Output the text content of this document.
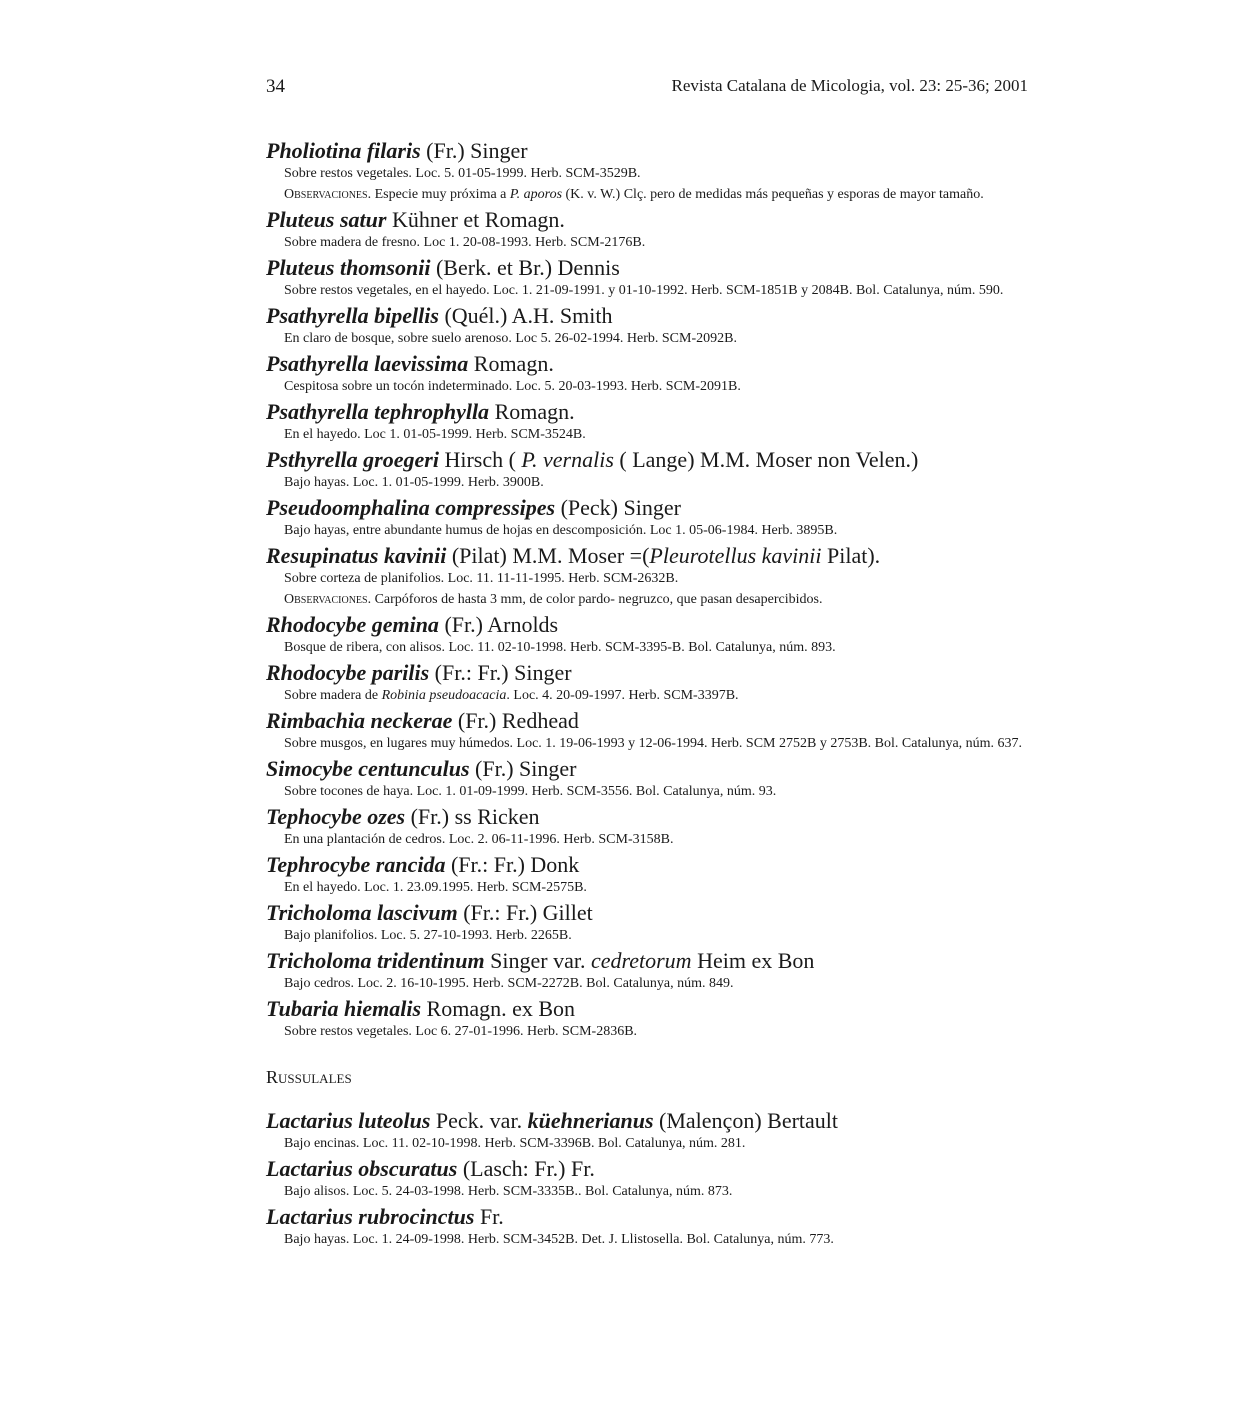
34	Revista Catalana de Micologia, vol. 23: 25-36; 2001
Pholiotina filaris (Fr.) Singer
Sobre restos vegetales. Loc. 5. 01-05-1999. Herb. SCM-3529B.
Observaciones. Especie muy próxima a P. aporos (K. v. W.) Clç. pero de medidas más pequeñas y esporas de mayor tamaño.
Pluteus satur Kühner et Romagn.
Sobre madera de fresno. Loc 1. 20-08-1993. Herb. SCM-2176B.
Pluteus thomsonii (Berk. et Br.) Dennis
Sobre restos vegetales, en el hayedo. Loc. 1. 21-09-1991. y 01-10-1992. Herb. SCM-1851B y 2084B. Bol. Catalunya, núm. 590.
Psathyrella bipellis (Quél.) A.H. Smith
En claro de bosque, sobre suelo arenoso. Loc 5. 26-02-1994. Herb. SCM-2092B.
Psathyrella laevissima Romagn.
Cespitosa sobre un tocón indeterminado. Loc. 5. 20-03-1993. Herb. SCM-2091B.
Psathyrella tephrophylla Romagn.
En el hayedo. Loc 1. 01-05-1999. Herb. SCM-3524B.
Psthyrella groegeri Hirsch ( P. vernalis ( Lange) M.M. Moser non Velen.)
Bajo hayas. Loc. 1. 01-05-1999. Herb. 3900B.
Pseudoomphalina compressipes (Peck) Singer
Bajo hayas, entre abundante humus de hojas en descomposición. Loc 1. 05-06-1984. Herb. 3895B.
Resupinatus kavinii (Pilat) M.M. Moser =(Pleurotellus kavinii Pilat).
Sobre corteza de planifolios. Loc. 11. 11-11-1995. Herb. SCM-2632B.
Observaciones. Carpóforos de hasta 3 mm, de color pardo- negruzco, que pasan desapercibidos.
Rhodocybe gemina (Fr.) Arnolds
Bosque de ribera, con alisos. Loc. 11. 02-10-1998. Herb. SCM-3395-B. Bol. Catalunya, núm. 893.
Rhodocybe parilis (Fr.: Fr.) Singer
Sobre madera de Robinia pseudoacacia. Loc. 4. 20-09-1997. Herb. SCM-3397B.
Rimbachia neckerae (Fr.) Redhead
Sobre musgos, en lugares muy húmedos. Loc. 1. 19-06-1993 y 12-06-1994. Herb. SCM 2752B y 2753B. Bol. Catalunya, núm. 637.
Simocybe centunculus (Fr.) Singer
Sobre tocones de haya. Loc. 1. 01-09-1999. Herb. SCM-3556. Bol. Catalunya, núm. 93.
Tephocybe ozes (Fr.) ss Ricken
En una plantación de cedros. Loc. 2. 06-11-1996. Herb. SCM-3158B.
Tephrocybe rancida (Fr.: Fr.) Donk
En el hayedo. Loc. 1. 23.09.1995. Herb. SCM-2575B.
Tricholoma lascivum (Fr.: Fr.) Gillet
Bajo planifolios. Loc. 5. 27-10-1993. Herb. 2265B.
Tricholoma tridentinum Singer var. cedretorum Heim ex Bon
Bajo cedros. Loc. 2. 16-10-1995. Herb. SCM-2272B. Bol. Catalunya, núm. 849.
Tubaria hiemalis Romagn. ex Bon
Sobre restos vegetales. Loc 6. 27-01-1996. Herb. SCM-2836B.
Russulales
Lactarius luteolus Peck. var. küehnerianus (Malençon) Bertault
Bajo encinas. Loc. 11. 02-10-1998. Herb. SCM-3396B. Bol. Catalunya, núm. 281.
Lactarius obscuratus (Lasch: Fr.) Fr.
Bajo alisos. Loc. 5. 24-03-1998. Herb. SCM-3335B.. Bol. Catalunya, núm. 873.
Lactarius rubrocinctus Fr.
Bajo hayas. Loc. 1. 24-09-1998. Herb. SCM-3452B. Det. J. Llistosella. Bol. Catalunya, núm. 773.
